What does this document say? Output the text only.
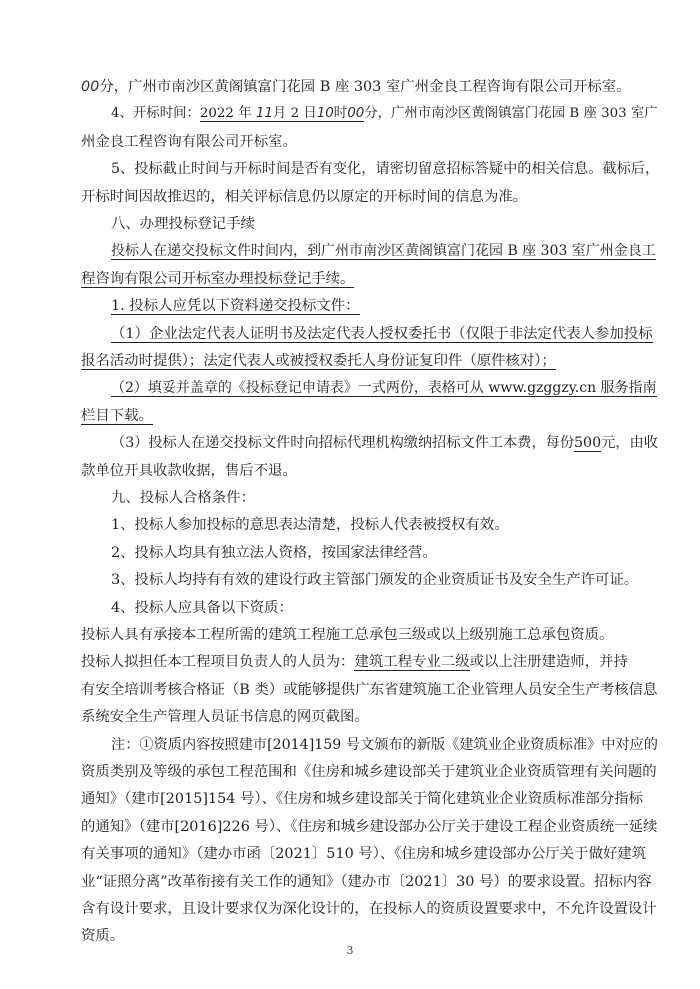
00分，广州市南沙区黄阁镇富门花园 B 座 303 室广州金良工程咨询有限公司开标室。

4、开标时间：2022 年 11月 2 日10时00分，广州市南沙区黄阁镇富门花园 B 座 303 室广

州金良工程咨询有限公司开标室。

5、投标截止时间与开标时间是否有变化，请密切留意招标答疑中的相关信息。截标后，

开标时间因故推迟的，相关评标信息仍以原定的开标时间的信息为准。

八、办理投标登记手续

投标人在递交投标文件时间内，到广州市南沙区黄阁镇富门花园 B 座 303 室广州金良工

程咨询有限公司开标室办理投标登记手续。

1. 投标人应凭以下资料递交投标文件：

（1）企业法定代表人证明书及法定代表人授权委托书（仅限于非法定代表人参加投标

报名活动时提供）；法定代表人或被授权委托人身份证复印件（原件核对）；

（2）填妥并盖章的《投标登记申请表》一式两份，表格可从 www.gzggzy.cn 服务指南

栏目下载。

（3）投标人在递交投标文件时向招标代理机构缴纳招标文件工本费，每份500元，由收

款单位开具收款收据，售后不退。

九、投标人合格条件：

1、投标人参加投标的意思表达清楚，投标人代表被授权有效。

2、投标人均具有独立法人资格，按国家法律经营。

3、投标人均持有有效的建设行政主管部门颁发的企业资质证书及安全生产许可证。

4、投标人应具备以下资质：

投标人具有承接本工程所需的建筑工程施工总承包三级或以上级别施工总承包资质。

投标人拟担任本工程项目负责人的人员为：建筑工程专业二级或以上注册建造师，并持

有安全培训考核合格证（B 类）或能够提供广东省建筑施工企业管理人员安全生产考核信息

系统安全生产管理人员证书信息的网页截图。

注：①资质内容按照建市[2014]159 号文颁布的新版《建筑业企业资质标准》中对应的

资质类别及等级的承包工程范围和《住房和城乡建设部关于建筑业企业资质管理有关问题的

通知》（建市[2015]154 号）、《住房和城乡建设部关于简化建筑业企业资质标准部分指标

的通知》（建市[2016]226 号）、《住房和城乡建设部办公厅关于建设工程企业资质统一延续

有关事项的通知》（建办市函〔2021〕510 号）、《住房和城乡建设部办公厅关于做好建筑

业“证照分离”改革衔接有关工作的通知》（建办市〔2021〕30 号）的要求设置。招标内容

含有设计要求，且设计要求仅为深化设计的，在投标人的资质设置要求中，不允许设置设计

资质。

3
